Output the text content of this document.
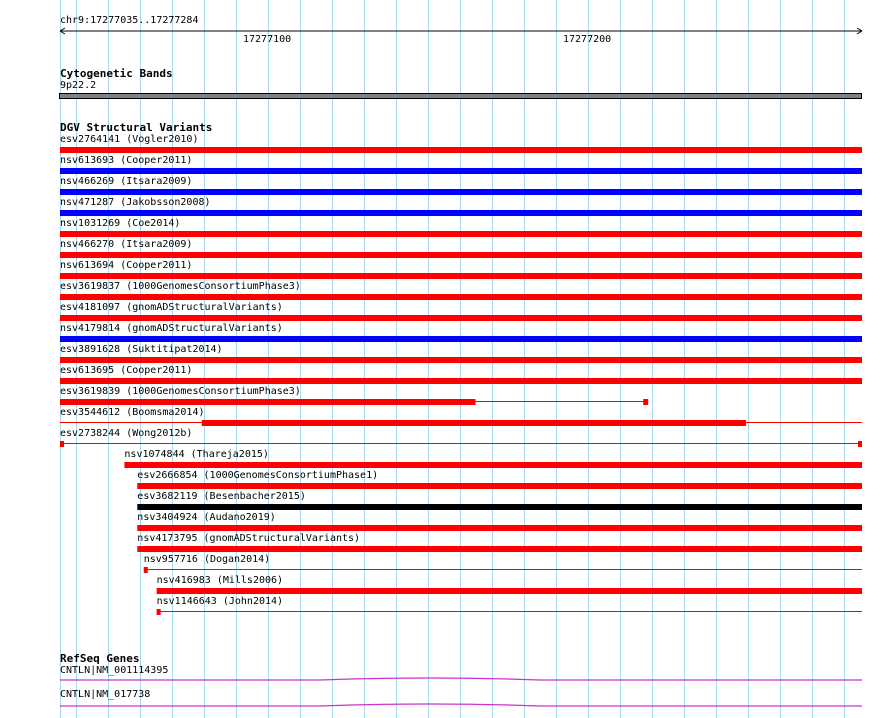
chr9:17277035..17277284
17277100	17277200
Cytogenetic Bands
9p22.2
DGV Structural Variants
esv2764141 (Vogler2010)
nsv613693 (Cooper2011)
nsv466269 (Itsara2009)
nsv471287 (Jakobsson2008)
nsv1031269 (Coe2014)
nsv466270 (Itsara2009)
nsv613694 (Cooper2011)
esv3619837 (1000GenomesConsortiumPhase3)
esv4181097 (gnomADStructuralVariants)
nsv4179814 (gnomADStructuralVariants)
esv3891628 (Suktitipat2014)
esv613695 (Cooper2011)
esv3619839 (1000GenomesConsortiumPhase3)
esv3544612 (Boomsma2014)
esv2738244 (Wong2012b)
nsv1074844 (Thareja2015)
esv2666854 (1000GenomesConsortiumPhase1)
esv3682119 (Besenbacher2015)
nsv3404924 (Audano2019)
nsv4173795 (gnomADStructuralVariants)
nsv957716 (Dogan2014)
nsv416983 (Mills2006)
nsv1146643 (John2014)
RefSeq Genes
CNTLN|NM_001114395
CNTLN|NM_017738
